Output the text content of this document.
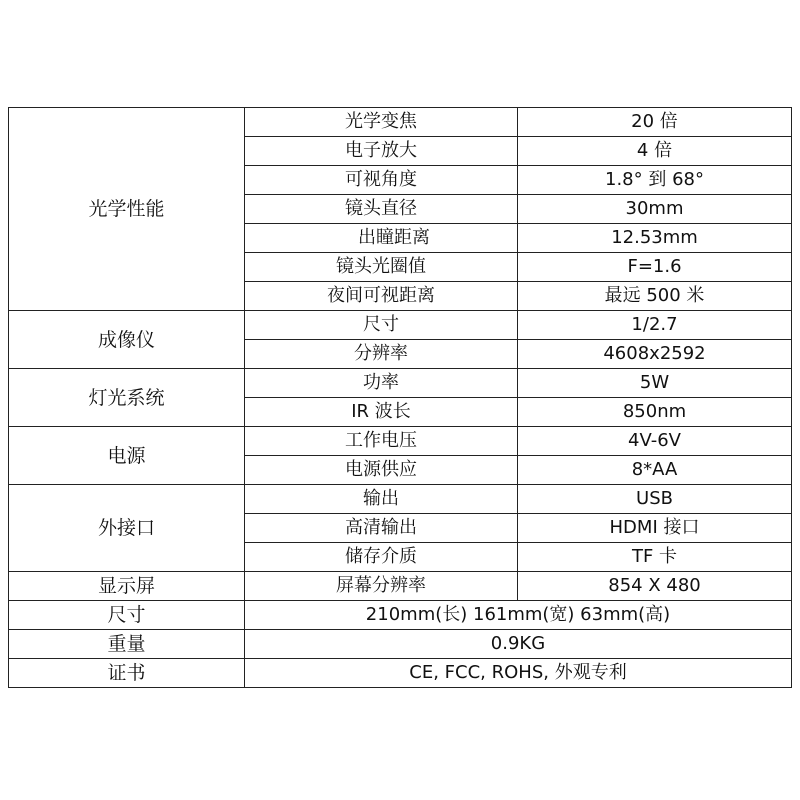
光学性能	光学变焦	20 倍
	电子放大	4 倍
	可视角度	1.8° 到 68°
	镜头直径	30mm
	出瞳距离	12.53mm
	镜头光圈值	F=1.6
	夜间可视距离	最远 500 米
成像仪	尺寸	1/2.7
	分辨率	4608x2592
灯光系统	功率	5W
	IR 波长	850nm
电源	工作电压	4V-6V
	电源供应	8*AA
外接口	输出	USB
	高清输出	HDMI 接口
	储存介质	TF 卡
显示屏	屏幕分辨率	854 X 480
尺寸	210mm(长) 161mm(宽) 63mm(高)	
重量	0.9KG	
证书	CE, FCC, ROHS, 外观专利	
